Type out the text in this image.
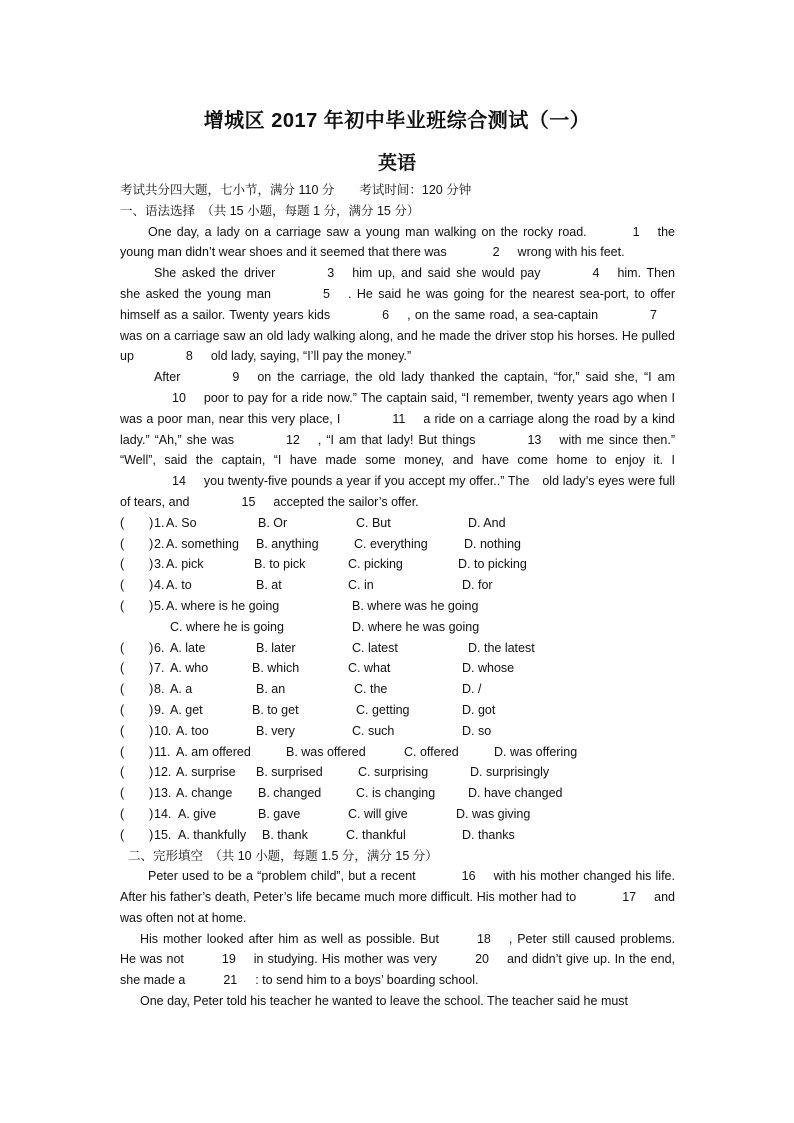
增城区 2017 年初中毕业班综合测试（一）
英语

考试共分四大题，七小节，满分 110 分　　考试时间：120 分钟

一、语法选择　（共 15 小题，每题 1 分，满分 15 分）

One day, a lady on a carriage saw a young man walking on the rocky road.	1 the young man didn’t wear shoes and it seemed that there was	2 wrong with his feet.

She asked the driver	3 him up, and said she would pay	4 him. Then she asked the young man	5 . He said he was going for the nearest sea-port, to offer himself as a sailor. Twenty years kids	6 , on the same road, a sea-captain	7was on a carriage saw an old lady walking along, and he made the driver stop his horses. He pulled up	8 old lady, saying, “I’ll pay the money.”

After	9 on the carriage, the old lady thanked the captain, “for,” said she, “I am10 poor to pay for a ride now.” The captain said, “I remember, twenty years ago when I was a poor man, near this very place, I	11 a ride on a carriage along the road by a kind lady.” “Ah,” she was	12 , “I am that lady! But things	13 with me since then.” “Well”, said the captain, “I have made some money, and have come home to enjoy it. I14 you twenty-five pounds a year if you accept my offer..” The　old lady’s eyes were full of tears, and	15 accepted the sailor’s offer.

(　　) 1. A. So	B. Or	C. But	D. And
(　　) 2. A. something B. anything	C. everything	D. nothing
(　　) 3. A. pick	B. to pick	C. picking	D. to picking
(　　) 4. A. to	B. at	C. in	D. for
(　　) 5. A. where is he going	B. where was he going
C. where he is going	D. where he was going
(　　) 6. A. late	B. later	C. latest	D. the latest
(　　) 7. A. who	B. which	C. what	D. whose
(　　) 8. A. a	B. an	C. the	D. /
(　　) 9. A. get	B. to get	C. getting	D. got
(　　) 10. A. too	B. very	C. such	D. so
(　　) 11. A. am offered	B. was offered	C. offered	D. was offering
(　　) 12. A. surprise B. surprised	C. surprising	D. surprisingly
(　　) 13. A. change B. changed	C. is changing	D. have changed
(　　) 14. A. give	B. gave	C. will give	D. was giving
(　　) 15. A. thankfully B. thank	C. thankful	D. thanks

二、完形填空　（共 10 小题，每题 1.5 分，满分 15 分）

Peter used to be a “problem child”, but a recent	16 with his mother changed his life. After his father’s death, Peter’s life became much more difficult. His mother had to	17 and was often not at home.

His mother looked after him as well as possible. But	18 , Peter still caused problems. He was not	19 in studying. His mother was very	20 and didn’t give up. In the end, she made a	21 : to send him to a boys’ boarding school.

One day, Peter told his teacher he wanted to leave the school. The teacher said he must
